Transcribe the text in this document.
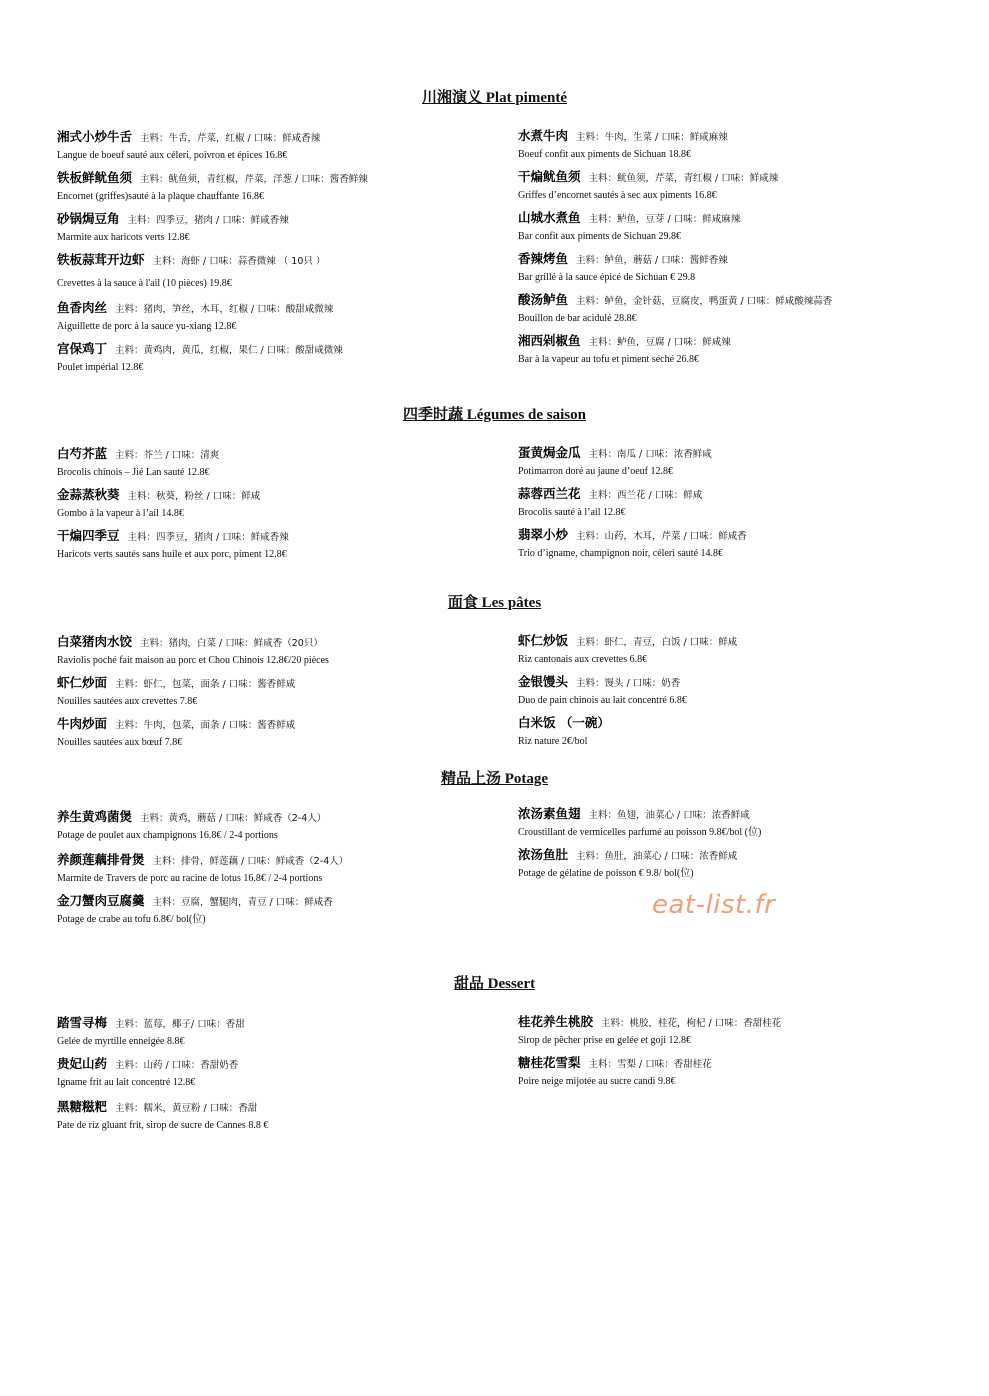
川湘演义 Plat pimenté
湘式小炒牛舌 主料：牛舌，芹菜，红椒 / 口味：鲜咸香辣
Langue de boeuf sauté aux céleri, poivron et épices 16.8€
铁板鲜鱿鱼须 主料：鱿鱼须，青红椒，芹菜，洋葱 / 口味：酱香鲜辣
Encornet (griffes)sauté à la plaque chauffante 16.8€
砂锅焗豆角 主料：四季豆，猪肉 / 口味：鲜咸香辣
Marmite aux haricots verts 12.8€
铁板蒜茸开边虾 主料：海虾 / 口味：蒜香微辣 （ 10只 ）
Crevettes à la sauce à l'ail (10 pièces) 19.8€
鱼香肉丝 主料：猪肉，笋丝，木耳，红椒 / 口味：酸甜咸微辣
Aiguillette de porc à la sauce yu-xiang 12.8€
宫保鸡丁 主料：黄鸡肉，黄瓜，红椒，果仁 / 口味：酸甜咸微辣
Poulet impérial 12.8€
水煮牛肉 主料：牛肉，生菜 / 口味：鲜咸麻辣
Boeuf confit aux piments de Sichuan 18.8€
干煸鱿鱼须 主料：鱿鱼须，芹菜，青红椒 / 口味：鲜咸辣
Griffes d’encornet sautés à sec aux piments 16.8€
山城水煮鱼 主料：鲈鱼，豆芽 / 口味：鲜咸麻辣
Bar confit aux piments de Sichuan 29.8€
香辣烤鱼 主料：鲈鱼，蘑菇 / 口味：酱鲜香辣
Bar grillé à la sauce épicé de Sichuan € 29.8
酸汤鲈鱼 主料：鲈鱼，金针菇，豆腐皮，鸭蛋黄 / 口味：鲜咸酸辣蒜香
Bouillon de bar acidulé 28.8€
湘西剁椒鱼 主料：鲈鱼，豆腐 / 口味：鲜咸辣
Bar à la vapeur au tofu et piment séché 26.8€
四季时蔬 Légumes de saison
白芍芥蓝 主料：芥兰 / 口味：清爽
Brocolis chinois – Jié Lan sauté 12.8€
金蒜蒸秋葵 主料：秋葵，粉丝 / 口味：鲜咸
Gombo à la vapeur à l’ail 14.8€
干煸四季豆 主料：四季豆，猪肉 / 口味：鲜咸香辣
Haricots verts sautés sans huile et aux porc, piment 12.8€
蛋黄焗金瓜 主料：南瓜 / 口味：浓香鲜咸
Potimarron doré au jaune d’oeuf 12.8€
蒜蓉西兰花 主料：西兰花 / 口味：鲜咸
Brocolis sauté à l’ail 12.8€
翡翠小炒 主料：山药，木耳，芹菜 / 口味：鲜咸香
Trio d’igname, champignon noir, céleri sauté 14.8€
面食 Les pâtes
白菜猪肉水饺 主料：猪肉，白菜 / 口味：鲜咸香（20只）
Raviolis poché fait maison au porc et Chou Chinois 12.8€/20 pièces
虾仁炒面 主料：虾仁，包菜，面条 / 口味：酱香鲜咸
Nouilles sautées aux crevettes 7.8€
牛肉炒面 主料：牛肉，包菜，面条 / 口味：酱香鲜咸
Nouilles sautées aux bœuf 7.8€
虾仁炒饭 主料：虾仁，青豆，白饭 / 口味：鲜咸
Riz cantonais aux crevettes 6.8€
金银馒头 主料：馒头 / 口味：奶香
Duo de pain chinois au lait concentré 6.8€
白米饭 （一碗）
Riz nature 2€/bol
精品上汤 Potage
养生黄鸡菌煲 主料：黄鸡，蘑菇 / 口味：鲜咸香（2-4人）
Potage de poulet aux champignons 16.8€ / 2-4 portions
养颜莲藕排骨煲 主料：排骨，鲜莲藕 / 口味：鲜咸香（2-4人）
Marmite de Travers de porc au racine de lotus 16.8€ / 2-4 portions
金刀蟹肉豆腐羹 主料：豆腐，蟹腿肉，青豆 / 口味：鲜咸香
Potage de crabe au tofu 6.8€/ bol(位)
浓汤素鱼翅 主料：鱼翅，油菜心 / 口味：浓香鲜咸
Croustillant de vermicelles parfumé au poisson 9.8€/bol (位)
浓汤鱼肚 主料：鱼肚，油菜心 / 口味：浓香鲜咸
Potage de gélatine de poisson € 9.8/ bol(位)
eat-list.fr
甜品 Dessert
踏雪寻梅 主料：蓝莓，椰子/ 口味：香甜
Gelée de myrtille enneigée 8.8€
贵妃山药 主料：山药 / 口味：香甜奶香
Igname frit au lait concentré 12.8€
黑糖糍粑 主料：糯米，黄豆粉 / 口味：香甜
Pate de riz gluant frit, sirop de sucre de Cannes 8.8 €
桂花养生桃胶 主料：桃胶，桂花，枸杞 / 口味：香甜桂花
Sirop de pêcher prise en gelée et goji 12.8€
糖桂花雪梨 主料：雪梨 / 口味：香甜桂花
Poire neige mijotée au sucre candi 9.8€
